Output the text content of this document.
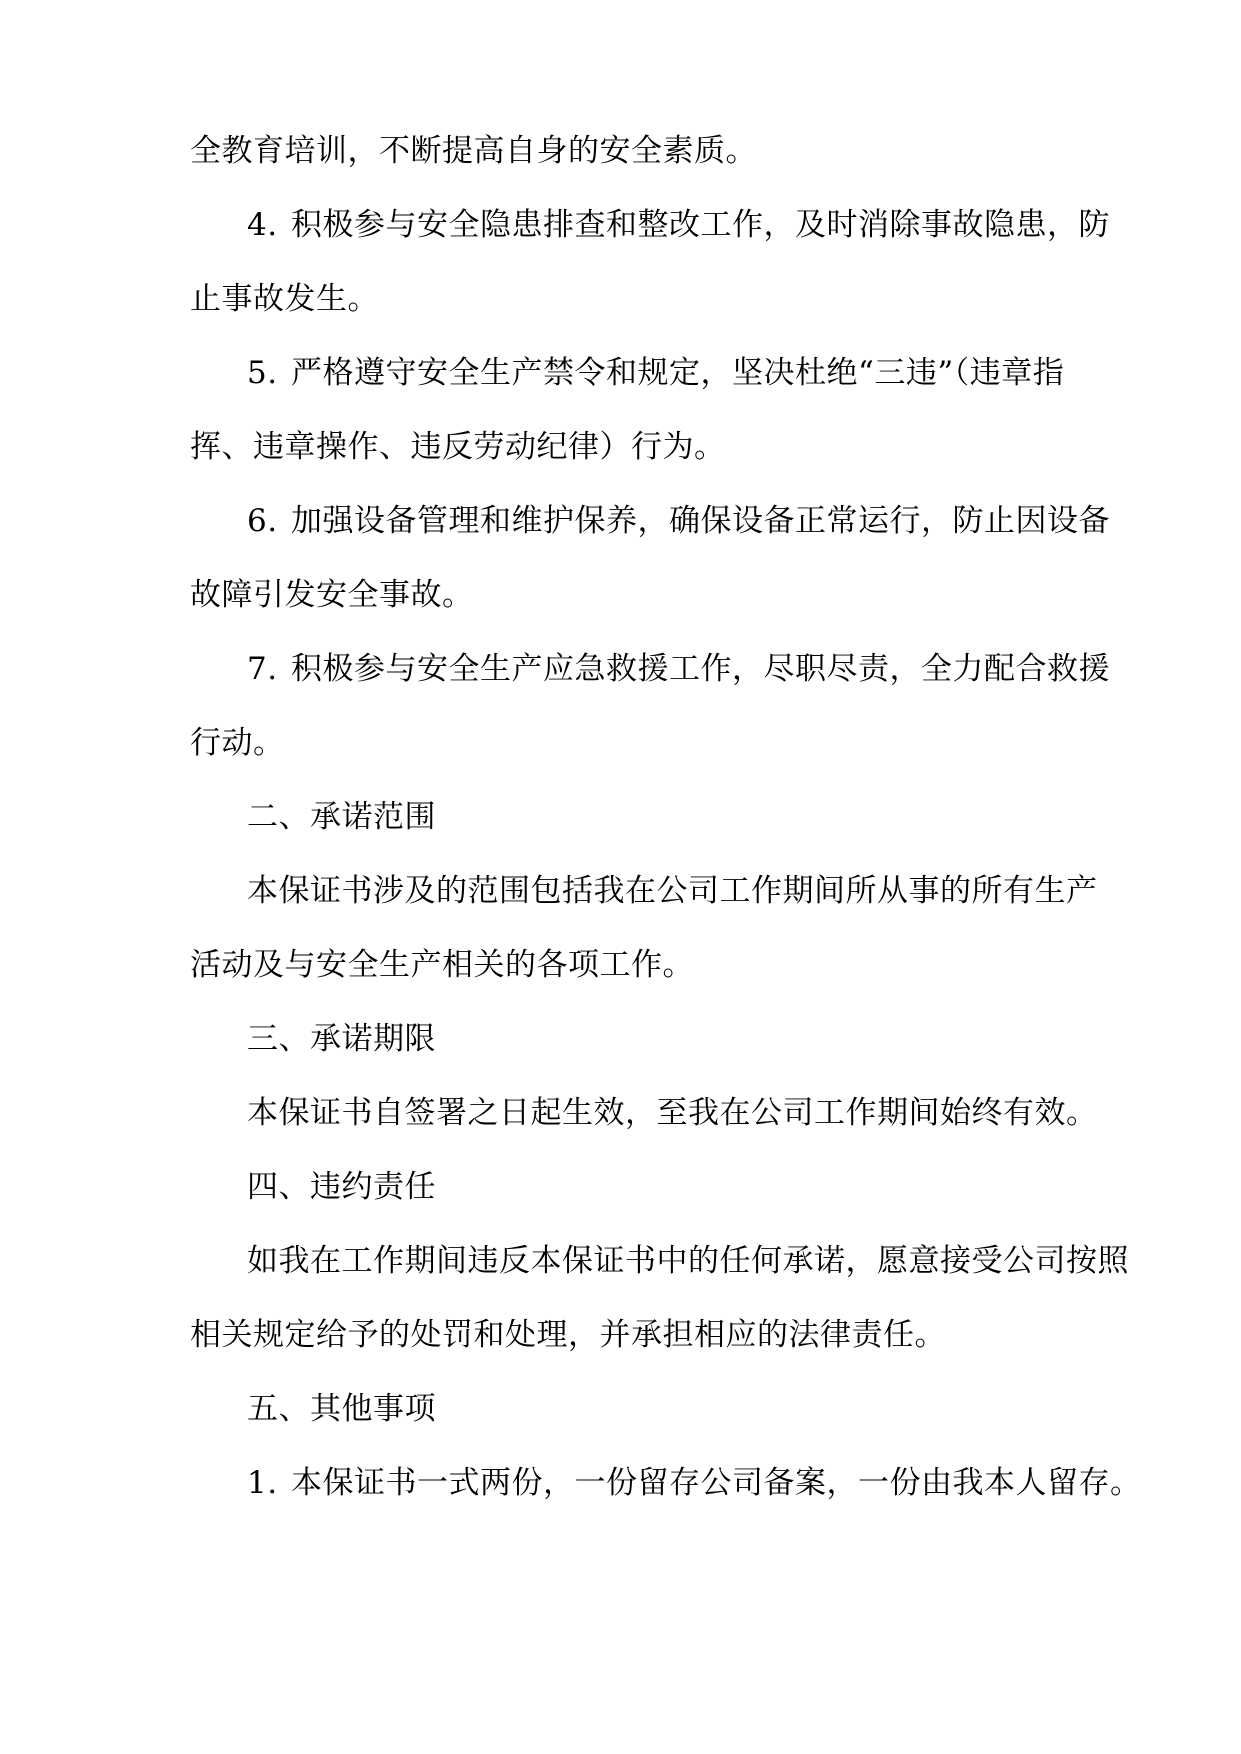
全教育培训，不断提高自身的安全素质。
4. 积极参与安全隐患排查和整改工作，及时消除事故隐患，防
止事故发生。
5. 严格遵守安全生产禁令和规定，坚决杜绝“三违”（违章指
挥、违章操作、违反劳动纪律）行为。
6. 加强设备管理和维护保养，确保设备正常运行，防止因设备
故障引发安全事故。
7. 积极参与安全生产应急救援工作，尽职尽责，全力配合救援
行动。
二、承诺范围
本保证书涉及的范围包括我在公司工作期间所从事的所有生产
活动及与安全生产相关的各项工作。
三、承诺期限
本保证书自签署之日起生效，至我在公司工作期间始终有效。
四、违约责任
如我在工作期间违反本保证书中的任何承诺，愿意接受公司按照
相关规定给予的处罚和处理，并承担相应的法律责任。
五、其他事项
1. 本保证书一式两份，一份留存公司备案，一份由我本人留存。
